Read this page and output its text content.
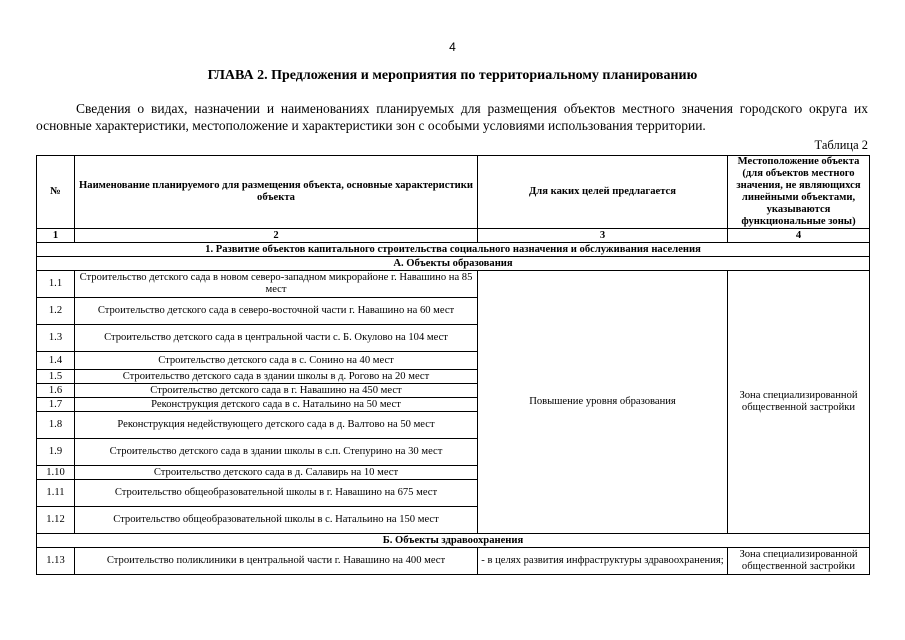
4
ГЛАВА 2. Предложения и мероприятия по территориальному планированию
Сведения о видах, назначении и наименованиях планируемых для размещения объектов местного значения городского округа их основные характеристики, местоположение и характеристики зон с особыми условиями использования территории.
Таблица 2
№	Наименование планируемого для размещения объекта, основные характеристики объекта	Для каких целей предлагается	Местоположение объекта (для объектов местного значения, не являющихся линейными объектами, указываются функциональные зоны)
1	2	3	4
1. Развитие объектов капитального строительства социального назначения и обслуживания населения			
А. Объекты образования			
1.1	Строительство детского сада в новом северо-западном микрорайоне г. Навашино на 85 мест	Повышение уровня образования	Зона специализированной общественной застройки
1.2	Строительство детского сада в северо-восточной части г. Навашино на 60 мест		
1.3	Строительство детского сада в центральной части с. Б. Окулово на 104 мест		
1.4	Строительство детского сада в с. Сонино на 40 мест		
1.5	Строительство детского сада в здании школы в д. Рогово на 20 мест		
1.6	Строительство детского сада в г. Навашино на 450 мест		
1.7	Реконструкция детского сада в с. Натальино на 50 мест		
1.8	Реконструкция недействующего детского сада в д. Валтово на 50 мест		
1.9	Строительство детского сада в здании школы в с.п. Степурино на 30 мест		
1.10	Строительство детского сада в д. Салавирь на 10 мест		
1.11	Строительство общеобразовательной школы в г. Навашино на 675 мест		
1.12	Строительство общеобразовательной школы в с. Натальино на 150 мест		
Б. Объекты здравоохранения			
1.13	Строительство поликлиники в центральной части г. Навашино на 400 мест	- в целях развития инфраструктуры здравоохранения;	Зона специализированной общественной застройки
